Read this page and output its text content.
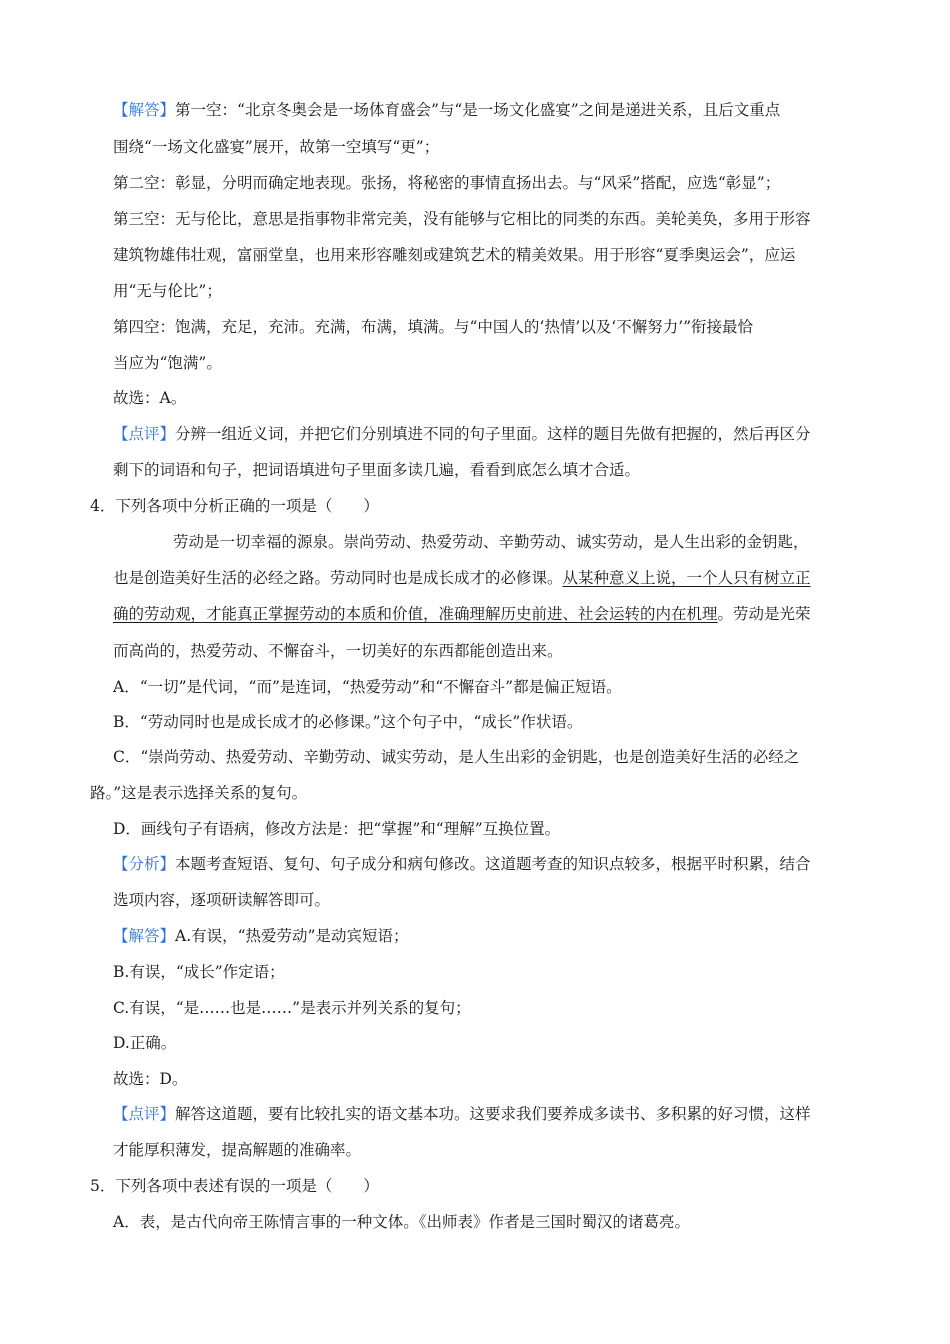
【解答】第一空：“北京冬奥会是一场体育盛会”与“是一场文化盛宴”之间是递进关系，且后文重点
围绕“一场文化盛宴”展开，故第一空填写“更”；
第二空：彰显，分明而确定地表现。张扬，将秘密的事情直扬出去。与“风采”搭配，应选“彰显”；
第三空：无与伦比，意思是指事物非常完美，没有能够与它相比的同类的东西。美轮美奂，多用于形容
建筑物雄伟壮观，富丽堂皇，也用来形容雕刻或建筑艺术的精美效果。用于形容“夏季奥运会”，应运
用“无与伦比”；
第四空：饱满，充足，充沛。充满，布满，填满。与“中国人的‘热情’以及‘不懈努力’”衔接最恰
当应为“饱满”。
故选：A。
【点评】分辨一组近义词，并把它们分别填进不同的句子里面。这样的题目先做有把握的，然后再区分
剩下的词语和句子，把词语填进句子里面多读几遍，看看到底怎么填才合适。
4．下列各项中分析正确的一项是（　　）
劳动是一切幸福的源泉。崇尚劳动、热爱劳动、辛勤劳动、诚实劳动，是人生出彩的金钥匙，
也是创造美好生活的必经之路。劳动同时也是成长成才的必修课。从某种意义上说，一个人只有树立正
确的劳动观，才能真正掌握劳动的本质和价值，准确理解历史前进、社会运转的内在机理。劳动是光荣
而高尚的，热爱劳动、不懈奋斗，一切美好的东西都能创造出来。
A．“一切”是代词，“而”是连词，“热爱劳动”和“不懈奋斗”都是偏正短语。
B．“劳动同时也是成长成才的必修课。”这个句子中，“成长”作状语。
C．“崇尚劳动、热爱劳动、辛勤劳动、诚实劳动，是人生出彩的金钥匙，也是创造美好生活的必经之
路。”这是表示选择关系的复句。
D．画线句子有语病，修改方法是：把“掌握”和“理解”互换位置。
【分析】本题考查短语、复句、句子成分和病句修改。这道题考查的知识点较多，根据平时积累，结合
选项内容，逐项研读解答即可。
【解答】A.有误，“热爱劳动”是动宾短语；
B.有误，“成长”作定语；
C.有误，“是……也是……”是表示并列关系的复句；
D.正确。
故选：D。
【点评】解答这道题，要有比较扎实的语文基本功。这要求我们要养成多读书、多积累的好习惯，这样
才能厚积薄发，提高解题的准确率。
5．下列各项中表述有误的一项是（　　）
A．表，是古代向帝王陈情言事的一种文体。《出师表》作者是三国时蜀汉的诸葛亮。
